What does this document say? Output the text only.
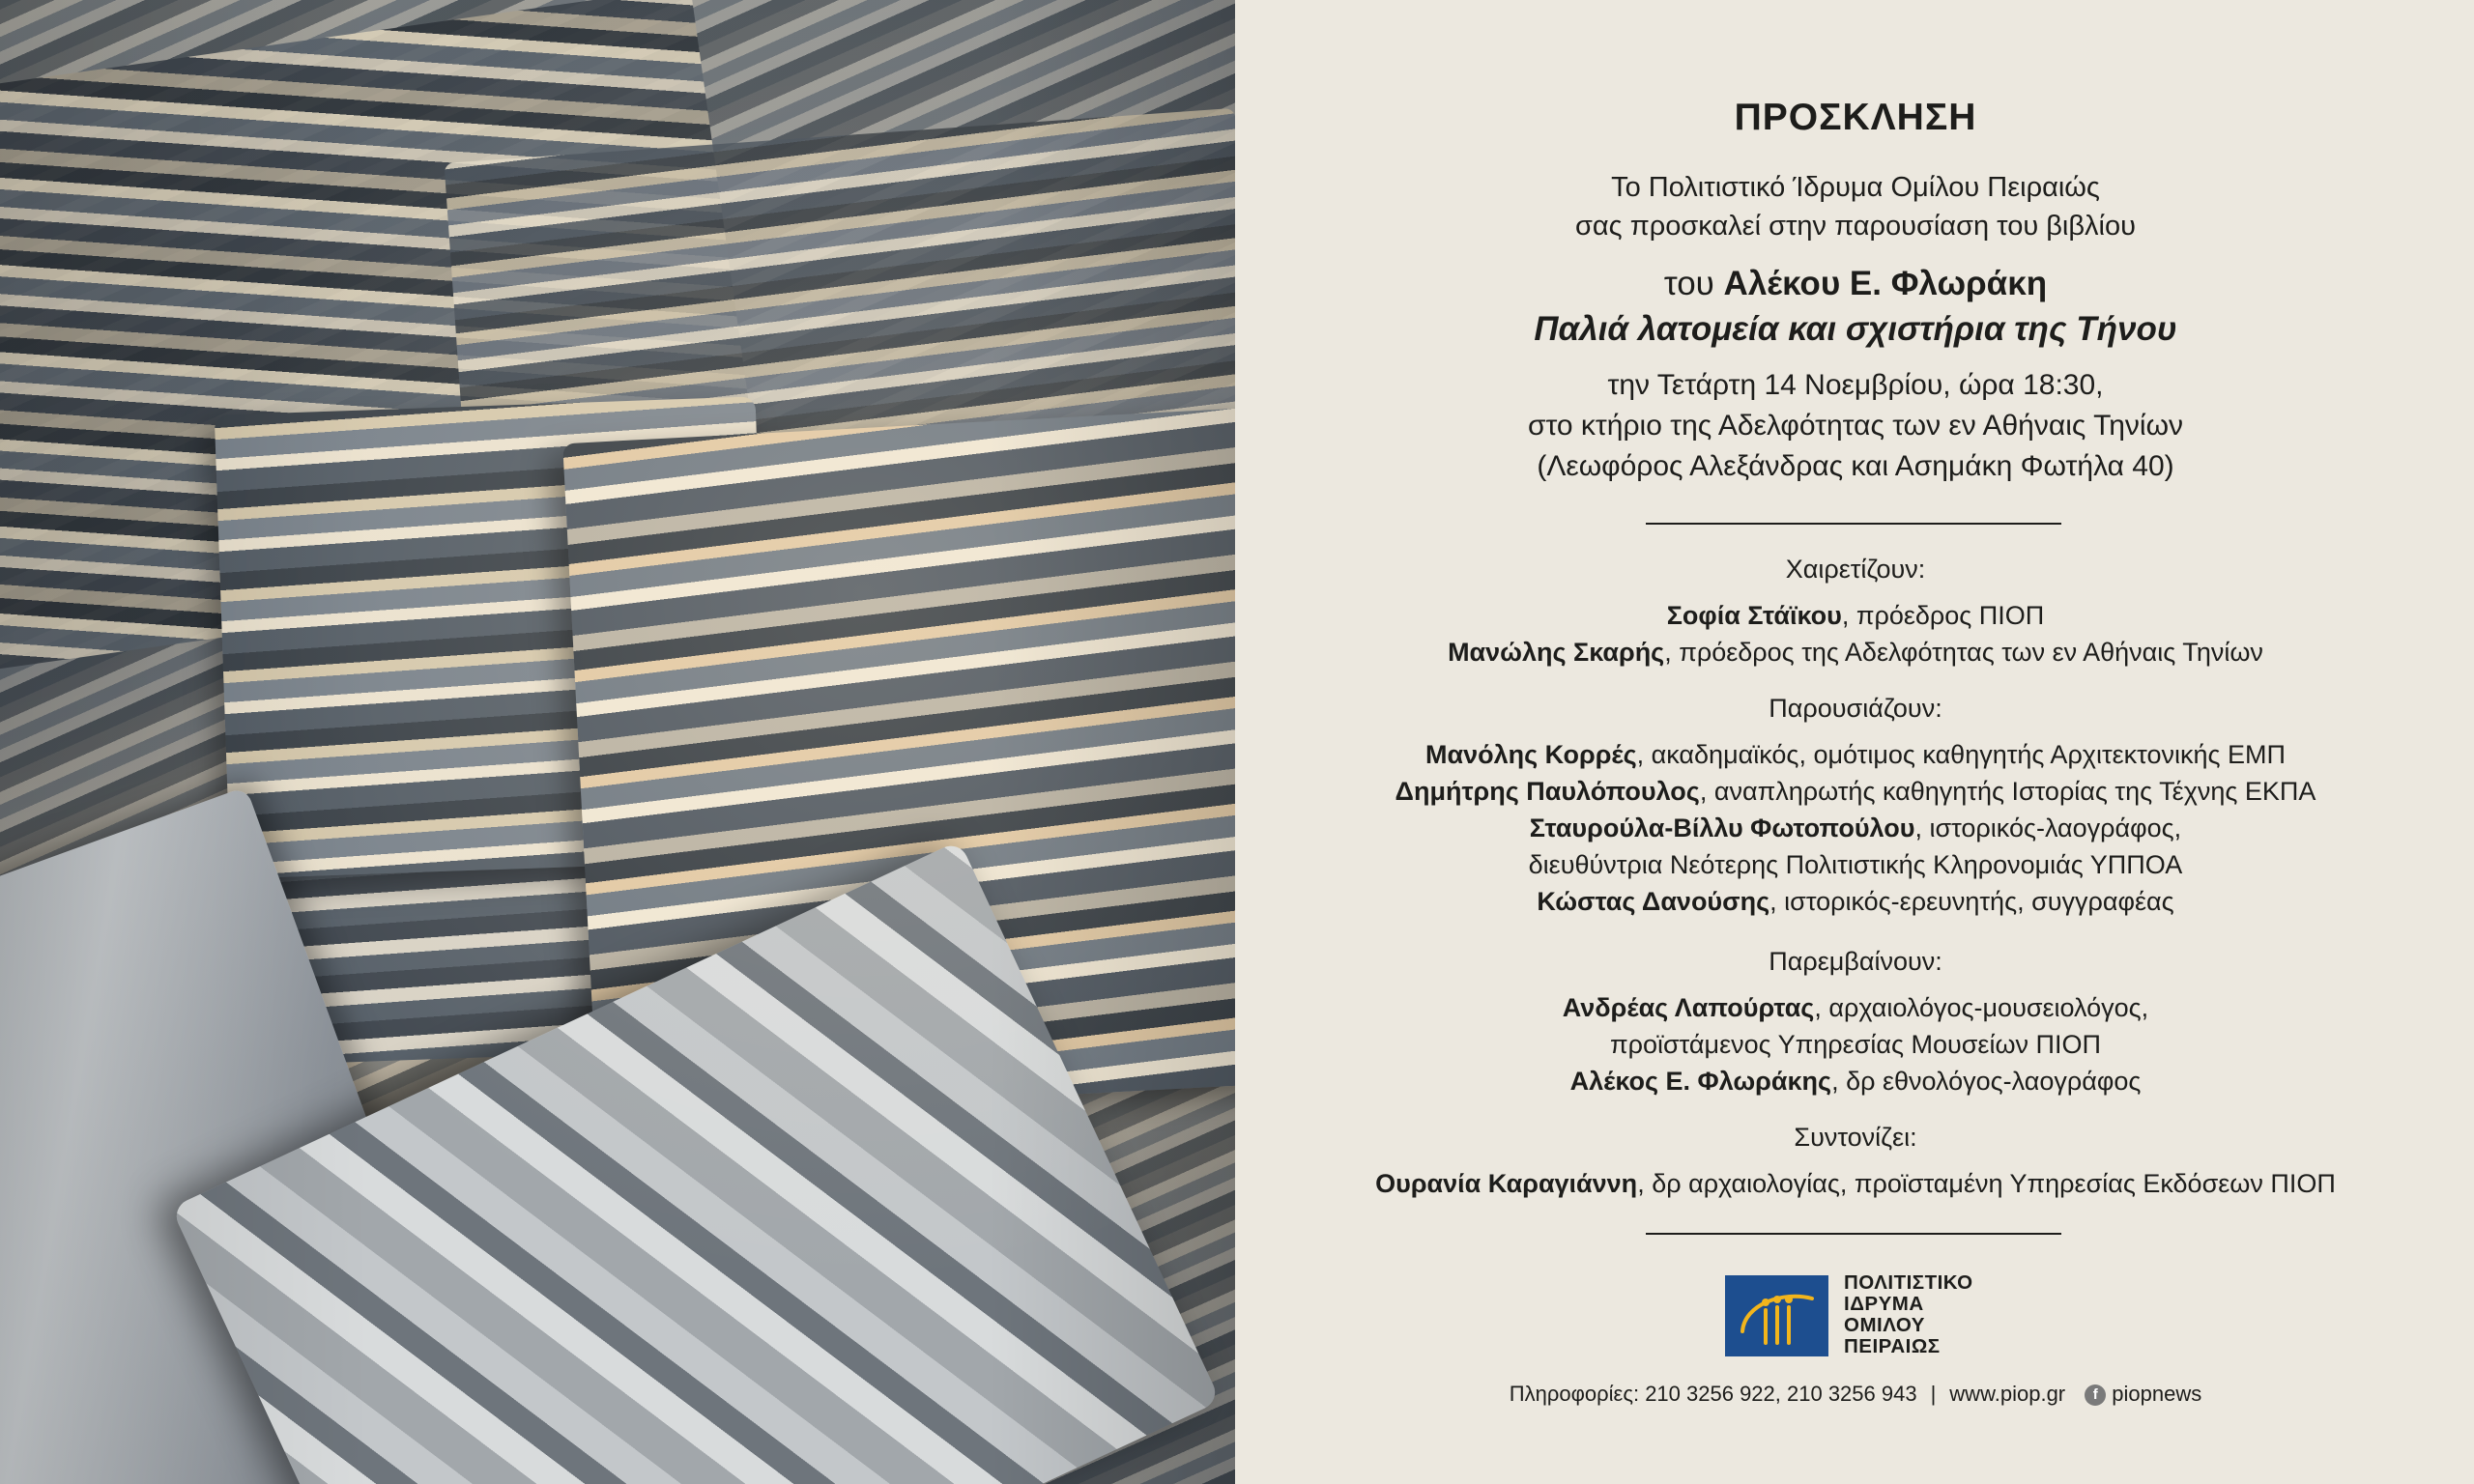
ΠΡΟΣΚΛΗΣΗ
Το Πολιτιστικό Ίδρυμα Ομίλου Πειραιώς
σας προσκαλεί στην παρουσίαση του βιβλίου
του Αλέκου Ε. Φλωράκη
Παλιά λατομεία και σχιστήρια της Τήνου
την Τετάρτη 14 Νοεμβρίου, ώρα 18:30,
στο κτήριο της Αδελφότητας των εν Αθήναις Τηνίων
(Λεωφόρος Αλεξάνδρας και Ασημάκη Φωτήλα 40)
Χαιρετίζουν:
Σοφία Στάϊκου, πρόεδρος ΠΙΟΠ
Μανώλης Σκαρής, πρόεδρος της Αδελφότητας των εν Αθήναις Τηνίων
Παρουσιάζουν:
Μανόλης Κορρές, ακαδημαϊκός, ομότιμος καθηγητής Αρχιτεκτονικής ΕΜΠ
Δημήτρης Παυλόπουλος, αναπληρωτής καθηγητής Ιστορίας της Τέχνης ΕΚΠΑ
Σταυρούλα-Βίλλυ Φωτοπούλου, ιστορικός-λαογράφος,
διευθύντρια Νεότερης Πολιτιστικής Κληρονομιάς ΥΠΠΟΑ
Κώστας Δανούσης, ιστορικός-ερευνητής, συγγραφέας
Παρεμβαίνουν:
Ανδρέας Λαπούρτας, αρχαιολόγος-μουσειολόγος,
προϊστάμενος Υπηρεσίας Μουσείων ΠΙΟΠ
Αλέκος Ε. Φλωράκης, δρ εθνολόγος-λαογράφος
Συντονίζει:
Ουρανία Καραγιάννη, δρ αρχαιολογίας, προϊσταμένη Υπηρεσίας Εκδόσεων ΠΙΟΠ
ΠΟΛΙΤΙΣΤΙΚΟ
ΙΔΡΥΜΑ
ΟΜΙΛΟΥ
ΠΕΙΡΑΙΩΣ
Πληροφορίες: 210 3256 922, 210 3256 943 | www.piop.gr f piopnews
